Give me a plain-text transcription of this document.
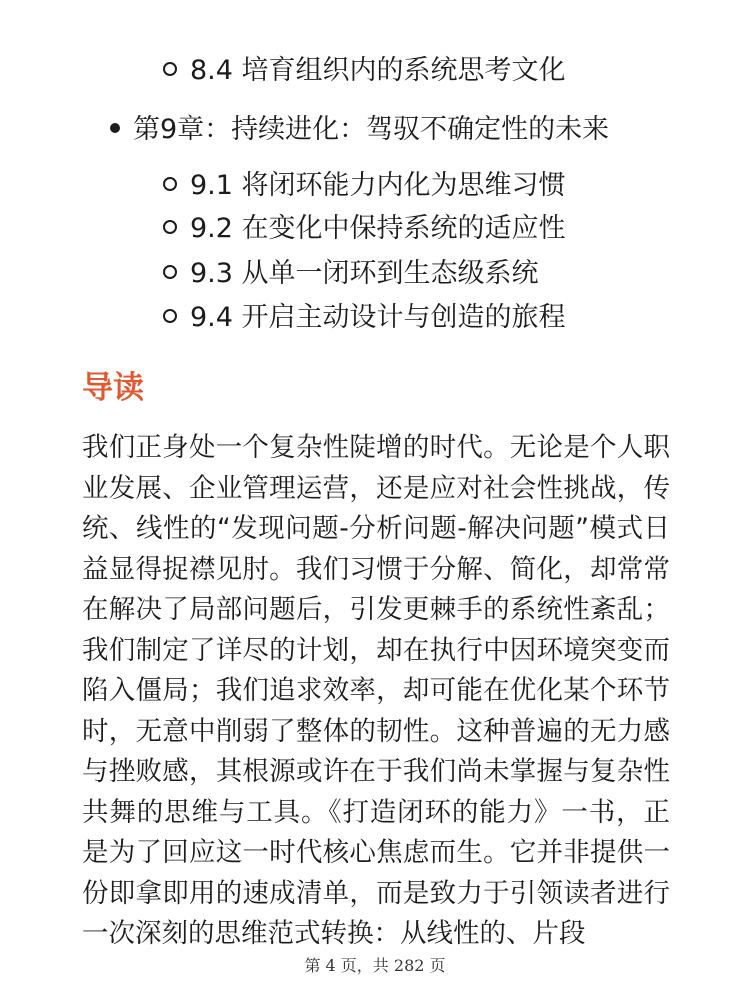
8.4 培育组织内的系统思考文化
第9章：持续进化：驾驭不确定性的未来
9.1 将闭环能力内化为思维习惯
9.2 在变化中保持系统的适应性
9.3 从单一闭环到生态级系统
9.4 开启主动设计与创造的旅程
导读
我们正身处一个复杂性陡增的时代。无论是个人职业发展、企业管理运营，还是应对社会性挑战，传统、线性的“发现问题-分析问题-解决问题”模式日益显得捉襟见肘。我们习惯于分解、简化，却常常在解决了局部问题后，引发更棘手的系统性紊乱；我们制定了详尽的计划，却在执行中因环境突变而陷入僵局；我们追求效率，却可能在优化某个环节时，无意中削弱了整体的韧性。这种普遍的无力感与挫败感，其根源或许在于我们尚未掌握与复杂性共舞的思维与工具。《打造闭环的能力》一书，正是为了回应这一时代核心焦虑而生。它并非提供一份即拿即用的速成清单，而是致力于引领读者进行一次深刻的思维范式转换：从线性的、片段
第 4 页，共 282 页
